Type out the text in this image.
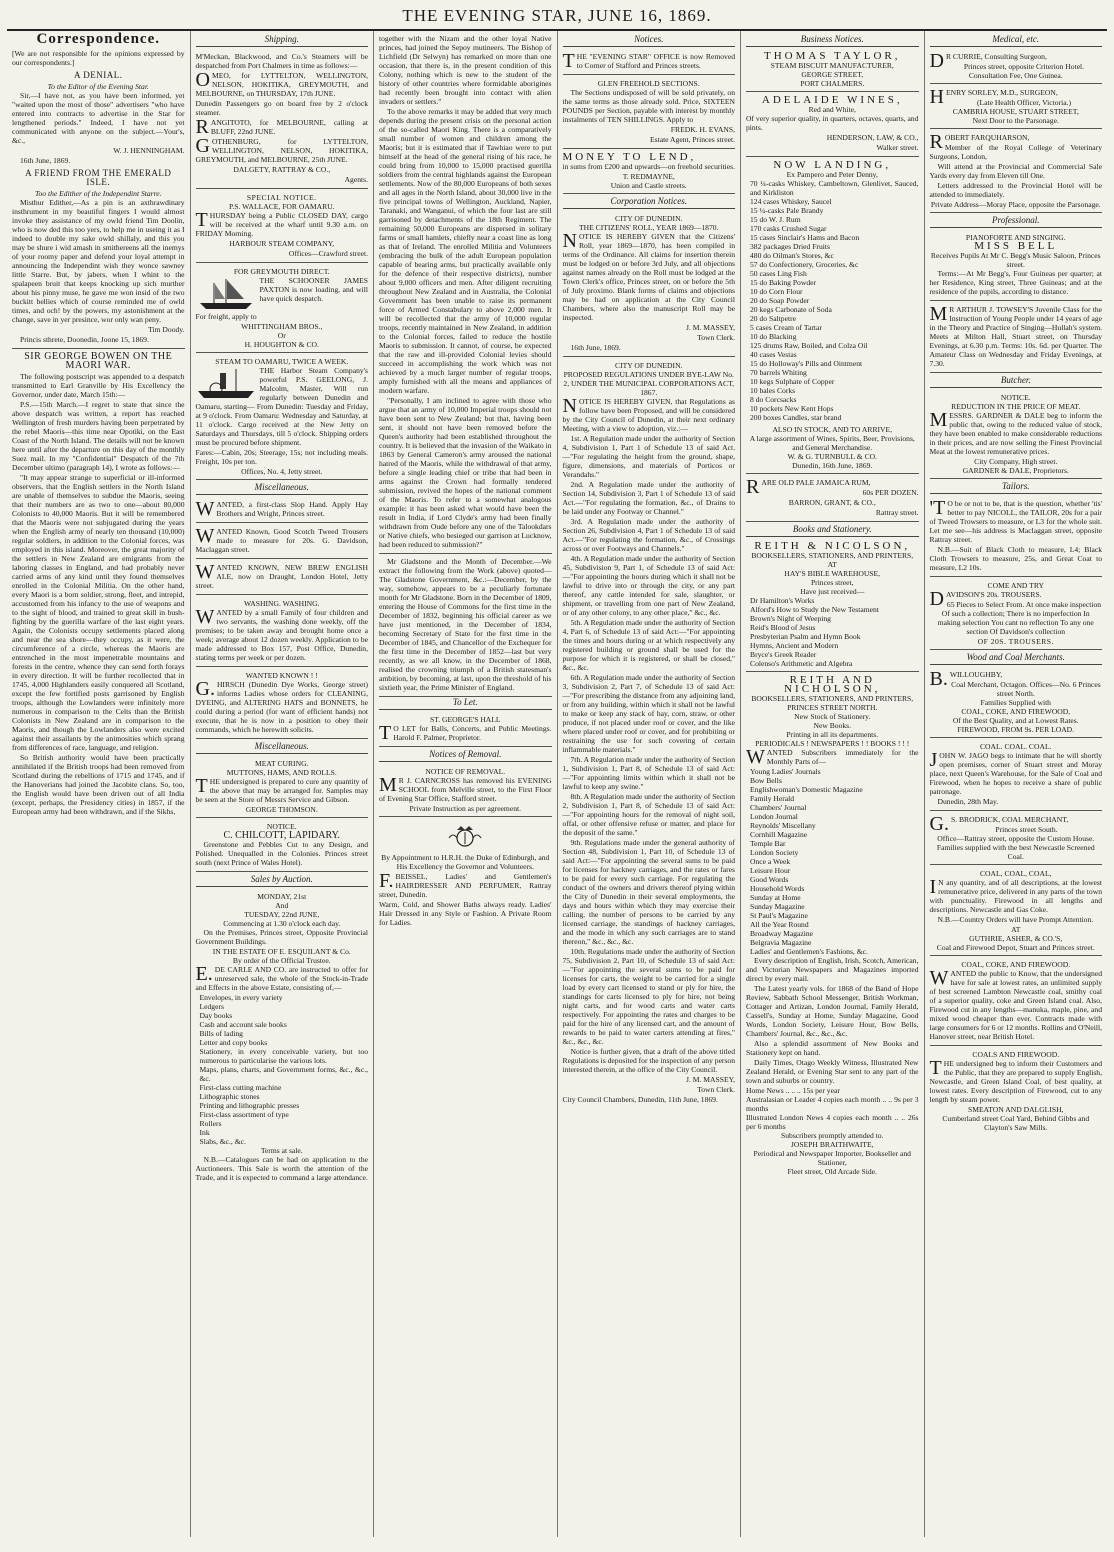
THE EVENING STAR, JUNE 16, 1869.
Correspondence.

[We are not responsible for the opinions expressed by our correspondents.]

A DENIAL.
To the Editor of the Evening Star.

Sir,—I have not, as you have been informed, yet "waited upon the most of those" advertisers "who have entered into contracts to advertise in the Star for lengthened periods." Indeed, I have not yet communicated with anyone on the subject.—Your's, &c.,

W. J. HENNINGHAM.

16th June, 1869.

A FRIEND FROM THE EMERALD ISLE.
Too the Edither of the Independint Starre.

Misthur Edither,—As a pin is an axthrawdinary insthrument in my beautiful fingers I would almost invoke they assistance of my owld friend Tim Doolin, who is now ded this too yers, to help me in useing it as I indeed to double my sake owld shillaly, and this you may be shure i wid amash in smithereens all the inemys of your roomy paper and defend your loyal attempt in announcing the Independint wish they wonce sawney little Starre. But, by jabers, when I whint to the spalapeen bruit that keeps knocking up sich murther about his pinny muse, he gave me won insid of the two buckitt bellies which of course reminded me of owld times, and och! by the powers, my astonishment at the change, save in yer presince, wor only wan peny.

Tim Doody.

Princis sthrete, Doonedin, Joone 15, 1869.

SIR GEORGE BOWEN ON THE MAORI WAR.

The following postscript was appended to a despatch transmitted to Earl Granville by His Excellency the Governor, under date, March 15th:—

P.S.—15th March.—I regret to state that since the above despatch was written, a report has reached Wellington of fresh murders having been perpetrated by the rebel Maoris—this time near Opotiki, on the East Coast of the North Island. The details will not be known here until after the departure on this day of the monthly Suez mail. In my "Confidential" Despatch of the 7th December ultimo (paragraph 14), I wrote as follows:—

"It may appear strange to superficial or ill-informed observers, that the English settlers in the North Island are unable of themselves to subdue the Maoris, seeing that their numbers are as two to one—about 80,000 Colonists to 40,000 Maoris. But it will be remembered that the Maoris were not subjugated during the years when the English army of nearly ten thousand (10,000) regular soldiers, in addition to the Colonial forces, was employed in this island. Moreover, the great majority of the settlers in New Zealand are emigrants from the laboring classes in England, and had probably never carried arms of any kind until they found themselves enrolled in the Colonial Militia. On the other hand, every Maori is a born soldier, strong, fleet, and intrepid, accustomed from his infancy to the use of weapons and to the sight of blood, and trained to great skill in bush-fighting by the guerilla warfare of the last eight years. Again, the Colonists occupy settlements placed along and near the sea shore—they occupy, as it were, the circumference of a circle, whereas the Maoris are entrenched in the most impenetrable mountains and forests in the centre, whence they can send forth forays in every direction. It will be further recollected that in 1745, 4,000 Highlanders easily conquered all Scotland, except the few fortified posts garrisoned by English troops, although the Lowlanders were infinitely more numerous in comparison to the Celts than the British Colonists in New Zealand are in comparison to the Maoris, and though the Lowlanders also were excited against their assailants by the animosities which sprang from differences of race, language, and religion.

So British authority would have been practically annihilated if the British troops had been removed from Scotland during the rebellions of 1715 and 1745, and if the Hanoverians had joined the Jacobite clans. So, too, the English would have been driven out of all India (except, perhaps, the Presidency cities) in 1857, if the European army had been withdrawn, and if the Sikhs,

Shipping.

M'Meckan, Blackwood, and Co.'s Steamers will be despatched from Port Chalmers in time as follows:—

OMEO, for LYTTELTON, WELLINGTON, NELSON, HOKITIKA, GREYMOUTH, and MELBOURNE, on THURSDAY, 17th JUNE.

Dunedin Passengers go on board free by 2 o'clock steamer.

RANGITOTO, for MELBOURNE, calling at BLUFF, 22nd JUNE.

GOTHENBURG, for LYTTELTON, WELLINGTON, NELSON, HOKITIKA, GREYMOUTH, and MELBOURNE, 25th JUNE.

DALGETY, RATTRAY & CO.,
Agents.
SPECIAL NOTICE.
P.S. WALLACE, FOR OAMARU.

THURSDAY being a Public CLOSED DAY, cargo will be received at the wharf until 9.30 a.m. on FRIDAY Morning.

HARBOUR STEAM COMPANY,
Offices—Crawford street.
FOR GREYMOUTH DIRECT.

THE SCHOONER JAMES PAXTON is now loading, and will have quick despatch.

For freight, apply to

WHITTINGHAM BROS.,
Or
H. HOUGHTON & CO.
STEAM TO OAMARU, TWICE A WEEK.

THE Harbor Steam Company's powerful P.S. GEELONG, J. Malcolm, Master, Will run regularly between Dunedin and Oamaru, starting— From Dunedin: Tuesday and Friday, at 9 o'clock. From Oamaru: Wednesday and Saturday, at 11 o'clock. Cargo received at the New Jetty on Saturdays and Thursdays, till 5 o'clock. Shipping orders must be procured before shipment.

Fares:—Cabin, 20s; Steerage, 15s; not including meals. Freight, 10s per ton.

Offices, No. 4, Jetty street.
Miscellaneous.

WANTED, a first-class Slop Hand. Apply Hay Brothers and Wright, Princes street.

WANTED Known, Good Scotch Tweed Trousers made to measure for 20s. G. Davidson, Maclaggan street.

WANTED KNOWN, NEW BREW ENGLISH ALE, now on Draught, London Hotel, Jetty street.

WASHING. WASHING.

WANTED by a small Family of four children and two servants, the washing done weekly, off the premises; to be taken away and brought home once a week; average about 12 dozen weekly. Application to be made addressed to Box 157, Post Office, Dunedin, stating terms per week or per dozen.

WANTED KNOWN ! !

G.HIRSCH (Dunedin Dye Works, George street) informs Ladies whose orders for CLEANING, DYEING, and ALTERING HATS and BONNETS, he could during a period (for want of efficient hands) not execute, that he is now in a position to obey their commands, which he herewith solicits.

Miscellaneous.
MEAT CURING.
MUTTONS, HAMS, AND ROLLS.

THE undersigned is prepared to cure any quantity of the above that may be arranged for. Samples may be seen at the Store of Messrs Service and Gibson.

GEORGE THOMSON.
NOTICE.
C. CHILCOTT, LAPIDARY.

Greenstone and Pebbles Cut to any Design, and Polished. Unequalled in the Colonies. Princes street south (next Prince of Wales Hotel).

Sales by Auction.
MONDAY, 21st
And
TUESDAY, 22nd JUNE,
Commencing at 1.30 o'clock each day.

On the Premises, Princes street, Opposite Provincial Government Buildings.

IN THE ESTATE OF E. ESQUILANT & Co.
By order of the Official Trustee.

E.DE CARLE AND CO. are instructed to offer for unreserved sale, the whole of the Stock-in-Trade and Effects in the above Estate, consisting of,—

Envelopes, in every variety
Ledgers
Day books
Cash and account sale books
Bills of lading
Letter and copy books
Stationery, in every conceivable variety, but too numerous to particularise the various lots.
Maps, plans, charts, and Government forms, &c., &c., &c.
First-class cutting machine
Lithographic stones
Printing and lithographic presses
First-class assortment of type
Rollers
Ink
Slabs, &c., &c.
Terms at sale.

N.B.—Catalogues can be had on application to the Auctioneers. This Sale is worth the attention of the Trade, and it is expected to command a large attendance.

together with the Nizam and the other loyal Native princes, had joined the Sepoy mutineers. The Bishop of Lichfield (Dr Selwyn) has remarked on more than one occasion, that there is, in the present condition of this Colony, nothing which is new to the student of the history of other countries where formidable aborigines had recently been brought into contact with alien invaders or settlers."

To the above remarks it may be added that very much depends during the present crisis on the personal action of the so-called Maori King. There is a comparatively small number of women and children among the Maoris; but it is estimated that if Tawhiao were to put himself at the head of the general rising of his race, he could bring from 10,000 to 15,000 practised guerilla soldiers from the central highlands against the European settlements. Now of the 80,000 Europeans of both sexes and all ages in the North Island, about 30,000 live in the five principal towns of Wellington, Auckland, Napier, Taranaki, and Wanganui, of which the four last are still garrisoned by detachments of the 18th Regiment. The remaining 50,000 Europeans are dispersed in solitary farms or small hamlets, chiefly near a coast line as long as that of Ireland. The enrolled Militia and Volunteers (embracing the bulk of the adult European population capable of bearing arms, but practically available only for the defence of their respective districts), number about 9,000 officers and men. After diligent recruiting throughout New Zealand and in Australia, the Colonial Government has been unable to raise its permanent force of Armed Constabulary to above 2,000 men. It will be recollected that the army of 10,000 regular troops, recently maintained in New Zealand, in addition to the Colonial forces, failed to reduce the hostile Maoris to submission. It cannot, of course, be expected that the raw and ill-provided Colonial levies should succeed in accomplishing the work which was not achieved by a much larger number of regular troops, amply furnished with all the means and appliances of modern warfare.

"Personally, I am inclined to agree with those who argue that an army of 10,000 Imperial troops should not have been sent to New Zealand; but that, having been sent, it should not have been removed before the Queen's authority had been established throughout the country. It is believed that the invasion of the Waikato in 1863 by General Cameron's army aroused the national hatred of the Maoris, while the withdrawal of that army, before a single leading chief or tribe that had been in arms against the Crown had formally tendered submission, revived the hopes of the national comment of the Maoris. To refer to a somewhat analogous example: it has been asked what would have been the result in India, if Lord Clyde's army had been finally withdrawn from Oude before any one of the Talookdars or Native chiefs, who besieged our garrison at Lucknow, had been reduced to submission?"

Mr Gladstone and the Month of December.—We extract the following from the Work (above) quoted—The Gladstone Government, &c.:—December, by the way, somehow, appears to be a peculiarly fortunate month for Mr Gladstone. Born in the December of 1809, entering the House of Commons for the first time in the December of 1832, beginning his official career as we have just mentioned, in the December of 1834, becoming Secretary of State for the first time in the December of 1845, and Chancellor of the Exchequer for the first time in the December of 1852—last but very recently, as we all know, in the December of 1868, realised the crowning triumph of a British statesman's ambition, by becoming, at last, upon the threshold of his sixtieth year, the Prime Minister of England.

To Let.
ST. GEORGE'S HALL

TO LET for Balls, Concerts, and Public Meetings. Harold F. Palmer, Proprietor.

Notices of Removal.
NOTICE OF REMOVAL.

MR J. CARNCROSS has removed his EVENING SCHOOL from Melville street, to the First Floor of Evening Star Office, Stafford street.

Private Instruction as per agreement.

By Appointment to H.R.H. the Duke of Edinburgh, and His Excellency the Governor and Volunteers.

F.BEISSEL, Ladies' and Gentlemen's HAIRDRESSER AND PERFUMER, Rattray street, Dunedin.

Warm, Cold, and Shower Baths always ready. Ladies' Hair Dressed in any Style or Fashion. A Private Room for Ladies.

Notices.

THE "EVENING STAR" OFFICE is now Removed to Corner of Stafford and Princes streets.

GLEN FREEHOLD SECTIONS.

The Sections undisposed of will be sold privately, on the same terms as those already sold. Price, SIXTEEN POUNDS per Section, payable with interest by monthly instalments of TEN SHILLINGS. Apply to

FREDK. H. EVANS,
Estate Agent, Princes street.
MONEY TO LEND,

in sums from £200 and upwards—on freehold securities.

T. REDMAYNE,
Union and Castle streets.
Corporation Notices.
CITY OF DUNEDIN.
THE CITIZENS' ROLL, YEAR 1869—1870.

NOTICE IS HEREBY GIVEN that the Citizens' Roll, year 1869—1870, has been compiled in terms of the Ordinance. All claims for insertion therein must be lodged on or before 3rd July, and all objections against names already on the Roll must be lodged at the Town Clerk's office, Princes street, on or before the 5th of July proximo. Blank forms of claims and objections may be had on application at the City Council Chambers, where also the manuscript Roll may be inspected.

J. M. MASSEY,
Town Clerk.

16th June, 1869.

CITY OF DUNEDIN.
PROPOSED REGULATIONS UNDER BYE-LAW No. 2, UNDER THE MUNICIPAL CORPORATIONS ACT, 1867.

NOTICE IS HEREBY GIVEN, that Regulations as follow have been Proposed, and will be considered by the City Council of Dunedin, at their next ordinary Meeting, with a view to adoption, viz.:—

1st. A Regulation made under the authority of Section 4, Subdivision 1, Part 1 of Schedule 13 of said Act.—"For regulating the height from the ground, shape, figure, dimensions, and materials of Porticos or Verandahs."
2nd. A Regulation made under the authority of Section 14, Subdivision 3, Part 1 of Schedule 13 of said Act.—"For regulating the formation, &c., of Drains to be laid under any Footway or Channel."
3rd. A Regulation made under the authority of Section 26, Subdivision 4, Part 1 of Schedule 13 of said Act.—"For regulating the formation, &c., of Crossings across or over Footways and Channels."
4th. A Regulation made under the authority of Section 45, Subdivision 9, Part 1, of Schedule 13 of said Act:—"For appointing the hours during which it shall not be lawful to drive into or through the city, or any part thereof, any cattle intended for sale, slaughter, or shipment, or travelling from one part of New Zealand, or of any other colony, to any other place," &c., &c.
5th. A Regulation made under the authority of Section 4, Part 6, of Schedule 13 of said Act:—"For appointing the times and hours during or at which respectively any registered building or ground shall be used for the purpose for which it is registered, or shall be closed," &c., &c.
6th. A Regulation made under the authority of Section 3, Subdivision 2, Part 7, of Schedule 13 of said Act:—"For prescribing the distance from any adjoining land, or from any building, within which it shall not be lawful to make or keep any stack of hay, corn, straw, or other produce, if not placed under roof or cover, and the like where placed under roof or cover, and for prohibiting or restraining the use for such covering of certain inflammable materials."
7th. A Regulation made under the authority of Section 1, Subdivision 1, Part 8, of Schedule 13 of said Act:—"For appointing limits within which it shall not be lawful to keep any swine."
8th. A Regulation made under the authority of Section 2, Subdivision 1, Part 8, of Schedule 13 of said Act:—"For appointing hours for the removal of night soil, offal, or other offensive refuse or matter, and place for the deposit of the same."
9th. Regulations made under the general authority of Section 48, Subdivision 1, Part 10, of Schedule 13 of said Act:—"For appointing the several sums to be paid for licenses for hackney carriages, and the rates or fares to be paid for every such carriage. For regulating the conduct of the owners and drivers thereof plying within the City of Dunedin in their several employments, the days and hours within which they may exercise their calling, the number of persons to be carried by any licensed carriage, the standings of hackney carriages, and the mode in which any such carriages are to stand thereon," &c., &c., &c.
10th. Regulations made under the authority of Section 75, Subdivision 2, Part 10, of Schedule 13 of said Act:—"For appointing the several sums to be paid for licenses for carts, the weight to be carried for a single load by every cart licensed to stand or ply for hire, the standings for carts licensed to ply for hire, not being night carts, and for wood carts and water carts respectively. For appointing the rates and charges to be paid for the hire of any licensed cart, and the amount of rewards to be paid to water carters attending at fires," &c., &c., &c.

Notice is further given, that a draft of the above titled Regulations is deposited for the inspection of any person interested therein, at the office of the City Council.

J. M. MASSEY,
Town Clerk.

City Council Chambers, Dunedin, 11th June, 1869.

Business Notices.
THOMAS TAYLOR,
STEAM BISCUIT MANUFACTURER,
GEORGE STREET,
PORT CHALMERS.
ADELAIDE WINES,
Red and White,

Of very superior quality, in quarters, octaves, quarts, and pints.

HENDERSON, LAW, & CO.,
Walker street.
NOW LANDING,
Ex Pampero and Peter Denny,
70 ¼-casks Whiskey, Cambeltown, Glenlivet, Sauced, and Kirkliston
124 cases Whiskey, Saucel
15 ¼-casks Pale Brandy
15 do W. J. Rum
170 casks Crushed Sugar
15 cases Sinclair's Hams and Bacon
382 packages Dried Fruits
480 do Oilman's Stores, &c
57 do Confectionery, Groceries, &c
50 cases Ling Fish
15 do Baking Powder
10 do Corn Flour
20 do Soap Powder
20 kegs Carbonate of Soda
20 do Saltpetre
5 cases Cream of Tartar
10 do Blacking
125 drums Raw, Boiled, and Colza Oil
40 cases Vestas
15 do Holloway's Pills and Ointment
70 barrels Whiting
10 kegs Sulphate of Copper
10 bales Corks
8 do Corcsacks
10 pockets New Kent Hops
200 boxes Candles, star brand
ALSO IN STOCK, AND TO ARRIVE,
A large assortment of Wines, Spirits, Beer, Provisions, and General Merchandise.
W. & G. TURNBULL & CO.
Dunedin, 16th June, 1869.

RARE OLD PALE JAMAICA RUM,

60s PER DOZEN.
BARRON, GRANT, & CO.,
Rattray street.
Books and Stationery.
REITH & NICOLSON,
BOOKSELLERS, STATIONERS, AND PRINTERS,
AT
HAY'S BIBLE WAREHOUSE,
Princes street,
Have just received—
Dr Hamilton's Works
Alford's How to Study the New Testament
Brown's Night of Weeping
Reid's Blood of Jesus
Presbyterian Psalm and Hymn Book
Hymns, Ancient and Modern
Bryce's Greek Reader
Colenso's Arithmetic and Algebra
REITH AND NICHOLSON,
BOOKSELLERS, STATIONERS, AND PRINTERS,
PRINCES STREET NORTH.
New Stock of Stationery.
New Books.
Printing in all its departments.
PERIODICALS ! NEWSPAPERS ! ! BOOKS ! ! !

WANTED Subscribers immediately for the Monthly Parts of—

Young Ladies' Journals
Bow Bells
Englishwoman's Domestic Magazine
Family Herald
Chambers' Journal
London Journal
Reynolds' Miscellany
Cornhill Magazine
Temple Bar
London Society
Once a Week
Leisure Hour
Good Words
Household Words
Sunday at Home
Sunday Magazine
St Paul's Magazine
All the Year Round
Broadway Magazine
Belgravia Magazine
Ladies' and Gentlemen's Fashions, &c.

Every description of English, Irish, Scotch, American, and Victorian Newspapers and Magazines imported direct by every mail.

The Latest yearly vols. for 1868 of the Band of Hope Review, Sabbath School Messenger, British Workman, Cottager and Artizan, London Journal, Family Herald, Cassell's, Sunday at Home, Sunday Magazine, Good Words, London Society, Leisure Hour, Bow Bells, Chambers' Journal, &c., &c., &c.

Also a splendid assortment of New Books and Stationery kept on hand.

Daily Times, Otago Weekly Witness, Illustrated New Zealand Herald, or Evening Star sent to any part of the town and suburbs or country.

Home News .. .. .. 15s per year
Australasian or Leader 4 copies each month .. .. 9s per 3 months
Illustrated London News 4 copies each month .. .. 26s per 6 months
Subscribers promptly attended to.
JOSEPH BRAITHWAITE,
Periodical and Newspaper Importer, Bookseller and Stationer,
Fleet street, Old Arcade Side.
Medical, etc.

DR CURRIE, Consulting Surgeon,

Princes street, opposite Criterion Hotel.
Consultation Fee, One Guinea.

HENRY SORLEY, M.D., SURGEON,

(Late Health Officer, Victoria.)
CAMBRIA HOUSE, STUART STREET,
Next Door to the Parsonage.

ROBERT FARQUHARSON,

Member of the Royal College of Veterinary Surgeons, London,

Will attend at the Provincial and Commercial Sale Yards every day from Eleven till One.

Letters addressed to the Provincial Hotel will be attended to immediately.

Private Address—Moray Place, opposite the Parsonage.
Professional.
PIANOFORTE AND SINGING.
MISS BELL
Receives Pupils At Mr C. Begg's Music Saloon, Princes street.

Terms:—At Mr Begg's, Four Guineas per quarter; at her Residence, King street, Three Guineas; and at the residence of the pupils, according to distance.

MR ARTHUR J. TOWSEY'S Juvenile Class for the Instruction of Young People under 14 years of age in the Theory and Practice of Singing—Hullah's system. Meets at Milton Hall, Stuart street, on Thursday Evenings, at 6.30 p.m. Terms: 10s. 6d. per Quarter. The Amateur Class on Wednesday and Friday Evenings, at 7.30.

Butcher.
NOTICE.
REDUCTION IN THE PRICE OF MEAT.

MESSRS. GARDNER & DALE beg to inform the public that, owing to the reduced value of stock, they have been enabled to make considerable reductions in their prices, and are now selling the Finest Provincial Meat at the lowest remunerative prices.

City Company, High street.
GARDNER & DALE, Proprietors.
Tailors.

'TO be or not to be, that is the question, whether 'tis' better to pay NICOLL, the TAILOR, 20s for a pair of Tweed Trowsers to measure, or L3 for the whole suit. Let me see—his address is Maclaggan street, opposite Rattray street.

N.B.—Suit of Black Cloth to measure, L4; Black Cloth Trowsers to measure, 25s, and Great Coat to measure, L2 10s.

COME AND TRY

DAVIDSON'S 20s. TROUSERS.

65 Pieces to Select From. At once make inspection Of such a collection; There is no imperfection In making selection You cant no reflection To any one section Of Davidson's collection

OF 20S. TROUSERS.
Wood and Coal Merchants.

B.WILLOUGHBY,

Coal Merchant, Octagon. Offices—No. 6 Princes street North.
Families Supplied with
COAL, COKE, AND FIREWOOD,
Of the Best Quality, and at Lowest Rates.
FIREWOOD, FROM 9s. PER LOAD.
COAL. COAL. COAL.

JOHN W. JAGO begs to intimate that he will shortly open premises, corner of Stuart street and Moray place, next Queen's Warehouse, for the Sale of Coal and Firewood, when he hopes to receive a share of public patronage.

Dunedin, 28th May.

G.S. BRODRICK, COAL MERCHANT,

Princes street South.
Office—Rattray street, opposite the Custom House.
Families supplied with the best Newcastle Screened Coal.
COAL, COAL, COAL,

IN any quantity, and of all descriptions, at the lowest remunerative price, delivered in any parts of the town with punctuality. Firewood in all lengths and descriptions. Newcastle and Gas Coke.

N.B.—Country Orders will have Prompt Attention.

AT
GUTHRIE, ASHER, & CO.'S,
Coal and Firewood Depot, Stuart and Princes street.
COAL, COKE, AND FIREWOOD.

WANTED the public to Know, that the undersigned have for sale at lowest rates, an unlimited supply of best screened Lambton Newcastle coal, smithy coal of a superior quality, coke and Green Island coal. Also, Firewood cut in any lengths—manuka, maple, pine, and mixed wood cheaper than ever. Contracts made with large consumers for 6 or 12 months. Rollins and O'Neill, Hanover street, near British Hotel.

COALS AND FIREWOOD.

THE undersigned beg to inform their Customers and the Public, that they are prepared to supply English, Newcastle, and Green Island Coal, of best quality, at lowest rates. Every description of Firewood, cut to any length by steam power.

SMEATON AND DALGLISH,
Cumberland street Coal Yard, Behind Gibbs and Clayton's Saw Mills.
